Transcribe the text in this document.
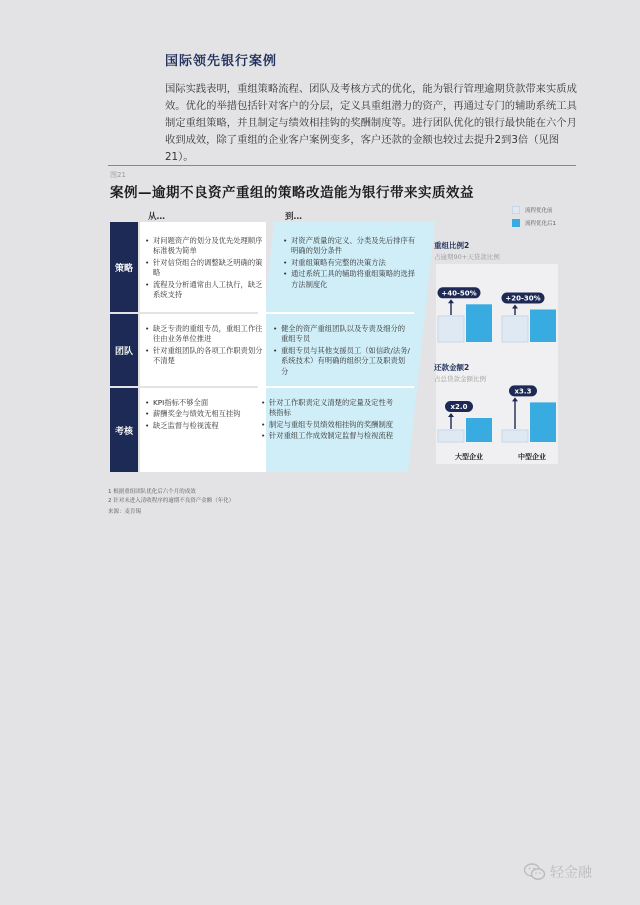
国际领先银行案例
国际实践表明，重组策略流程、团队及考核方式的优化，能为银行管理逾期贷款带来实质成效。优化的举措包括针对客户的分层，定义具重组潜力的资产，再通过专门的辅助系统工具制定重组策略，并且制定与绩效相挂钩的奖酬制度等。进行团队优化的银行最快能在六个月收到成效，除了重组的企业客户案例变多，客户还款的金额也较过去提升2到3倍（见图21）。
图21
案例—逾期不良资产重组的策略改造能为银行带来实质效益
从…	到…
策略
团队
考核
• 对问题资产的划分及优先处理顺序标准极为简单
• 针对信贷组合的调整缺乏明确的策略
• 流程及分析通常由人工执行，缺乏系统支持
• 对资产质量的定义、分类及先后排序有明确的划分条件
• 对重组策略有完整的决策方法
• 通过系统工具的辅助将重组策略的选择方法制度化
• 缺乏专责的重组专员，重组工作往往由业务单位推进
• 针对重组团队的各项工作职责划分不清楚
• 健全的资产重组团队以及专责及细分的重组专员
• 重组专员与其他支援员工（如信政/法务/系统技术）有明确的组织分工及职责划分
• KPI指标不够全面
• 薪酬奖金与绩效无相互挂钩
• 缺乏监督与检视流程
• 针对工作职责定义清楚的定量及定性考核指标
• 制定与重组专员绩效相挂钩的奖酬制度
• 针对重组工作成效制定监督与检视流程
流程优化前
流程优化后1
重组比例2
占逾期90+天贷款比例
还款金额2
占总贷款金额比例
+40-50%
+20-30%
x2.0
x3.3
大型企业	中型企业
1 根据重组团队优化后六个月的成效
2 针对未进入清收程序的逾期不良资产金额（年化）
来源：麦肯锡
轻金融
